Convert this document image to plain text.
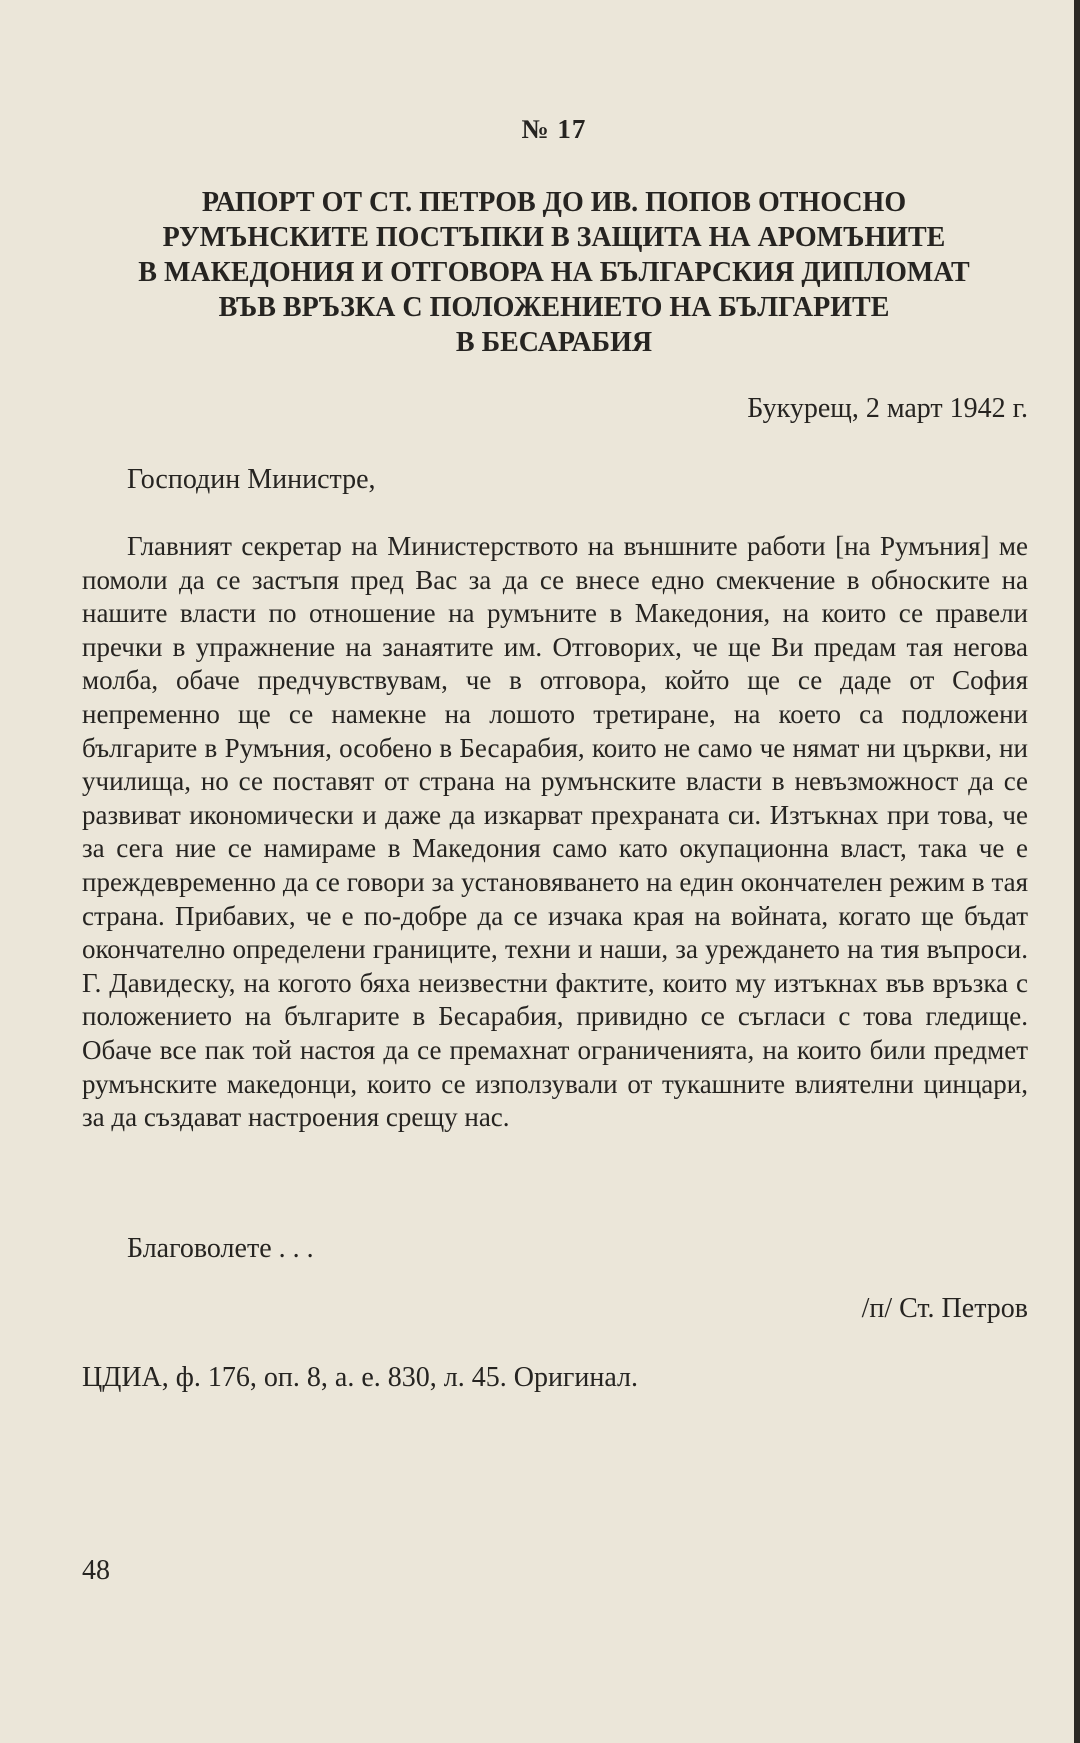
№ 17
РАПОРТ ОТ СТ. ПЕТРОВ ДО ИВ. ПОПОВ ОТНОСНО
РУМЪНСКИТЕ ПОСТЪПКИ В ЗАЩИТА НА АРОМЪНИТЕ
В МАКЕДОНИЯ И ОТГОВОРА НА БЪЛГАРСКИЯ ДИПЛОМАТ
ВЪВ ВРЪЗКА С ПОЛОЖЕНИЕТО НА БЪЛГАРИТЕ
В БЕСАРАБИЯ
Букурещ, 2 март 1942 г.
Господин Министре,
Главният секретар на Министерството на външните работи [на Румъния] ме помоли да се застъпя пред Вас за да се внесе едно смекчение в обноските на нашите власти по отношение на румъните в Македония, на които се правели пречки в упражнение на занаятите им. Отговорих, че ще Ви предам тая негова молба, обаче предчувствувам, че в отговора, който ще се даде от София непременно ще се намекне на лошото третиране, на което са подложени българите в Румъния, особено в Бесарабия, които не само че нямат ни църкви, ни училища, но се поставят от страна на румънските власти в невъзможност да се развиват икономически и даже да изкарват прехраната си. Изтъкнах при това, че за сега ние се намираме в Македония само като окупационна власт, така че е преждевременно да се говори за установяването на един окончателен режим в тая страна. Прибавих, че е по-добре да се изчака края на войната, когато ще бъдат окончателно определени границите, техни и наши, за уреждането на тия въпроси. Г. Давидеску, на когото бяха неизвестни фактите, които му изтъкнах във връзка с положението на българите в Бесарабия, привидно се съгласи с това гледище. Обаче все пак той настоя да се премахнат ограниченията, на които били предмет румънските македонци, които се използували от тукашните влиятелни цинцари, за да създават настроения срещу нас.
Благоволете . . .
/п/ Ст. Петров
ЦДИА, ф. 176, оп. 8, а. е. 830, л. 45. Оригинал.
48
